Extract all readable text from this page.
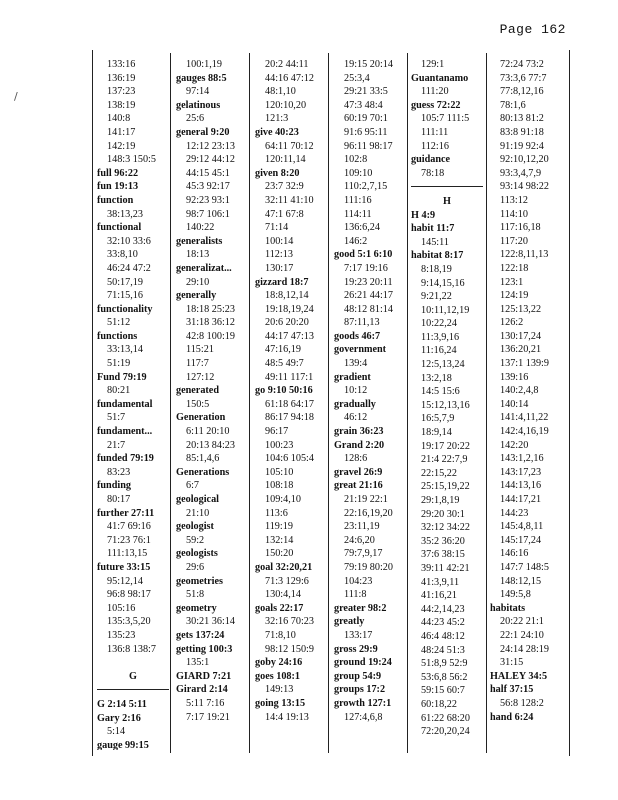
Page 162
/
133:16
136:19
137:23
138:19
140:8
141:17
142:19
148:3 150:5
full 96:22
fun 19:13
function
38:13,23
functional
32:10 33:6
33:8,10
46:24 47:2
50:17,19
71:15,16
functionality
51:12
functions
33:13,14
51:19
Fund 79:19
80:21
fundamental
51:7
fundament...
21:7
funded 79:19
83:23
funding
80:17
further 27:11
41:7 69:16
71:23 76:1
111:13,15
future 33:15
95:12,14
96:8 98:17
105:16
135:3,5,20
135:23
136:8 138:7
G
G 2:14 5:11
Gary 2:16
5:14
gauge 99:15
100:1,19
gauges 88:5
97:14
gelatinous
25:6
general 9:20
12:12 23:13
29:12 44:12
44:15 45:1
45:3 92:17
92:23 93:1
98:7 106:1
140:22
generalists
18:13
generalizat...
29:10
generally
18:18 25:23
31:18 36:12
42:8 100:19
115:21
117:7
127:12
generated
150:5
Generation
6:11 20:10
20:13 84:23
85:1,4,6
Generations
6:7
geological
21:10
geologist
59:2
geologists
29:6
geometries
51:8
geometry
30:21 36:14
gets 137:24
getting 100:3
135:1
GIARD 7:21
Girard 2:14
5:11 7:16
7:17 19:21
20:2 44:11
44:16 47:12
48:1,10
120:10,20
121:3
give 40:23
64:11 70:12
120:11,14
given 8:20
23:7 32:9
32:11 41:10
47:1 67:8
71:14
100:14
112:13
130:17
gizzard 18:7
18:8,12,14
19:18,19,24
20:6 20:20
44:17 47:13
47:16,19
48:5 49:7
49:11 117:1
go 9:10 50:16
61:18 64:17
86:17 94:18
96:17
100:23
104:6 105:4
105:10
108:18
109:4,10
113:6
119:19
132:14
150:20
goal 32:20,21
71:3 129:6
130:4,14
goals 22:17
32:16 70:23
71:8,10
98:12 150:9
goby 24:16
goes 108:1
149:13
going 13:15
14:4 19:13
19:15 20:14
25:3,4
29:21 33:5
47:3 48:4
60:19 70:1
91:6 95:11
96:11 98:17
102:8
109:10
110:2,7,15
111:16
114:11
136:6,24
146:2
good 5:1 6:10
7:17 19:16
19:23 20:11
26:21 44:17
48:12 81:14
87:11,13
goods 46:7
government
139:4
gradient
10:12
gradually
46:12
grain 36:23
Grand 2:20
128:6
gravel 26:9
great 21:16
21:19 22:1
22:16,19,20
23:11,19
24:6,20
79:7,9,17
79:19 80:20
104:23
111:8
greater 98:2
greatly
133:17
gross 29:9
ground 19:24
group 54:9
groups 17:2
growth 127:1
127:4,6,8
129:1
Guantanamo
111:20
guess 72:22
105:7 111:5
111:11
112:16
guidance
78:18
H
H 4:9
habit 11:7
145:11
habitat 8:17
8:18,19
9:14,15,16
9:21,22
10:11,12,19
10:22,24
11:3,9,16
11:16,24
12:5,13,24
13:2,18
14:5 15:6
15:12,13,16
16:5,7,9
18:9,14
19:17 20:22
21:4 22:7,9
22:15,22
25:15,19,22
29:1,8,19
29:20 30:1
32:12 34:22
35:2 36:20
37:6 38:15
39:11 42:21
41:3,9,11
41:16,21
44:2,14,23
44:23 45:2
46:4 48:12
48:24 51:3
51:8,9 52:9
53:6,8 56:2
59:15 60:7
60:18,22
61:22 68:20
72:20,20,24
72:24 73:2
73:3,6 77:7
77:8,12,16
78:1,6
80:13 81:2
83:8 91:18
91:19 92:4
92:10,12,20
93:3,4,7,9
93:14 98:22
113:12
114:10
117:16,18
117:20
122:8,11,13
122:18
123:1
124:19
125:13,22
126:2
130:17,24
136:20,21
137:1 139:9
139:16
140:2,4,8
140:14
141:4,11,22
142:4,16,19
142:20
143:1,2,16
143:17,23
144:13,16
144:17,21
144:23
145:4,8,11
145:17,24
146:16
147:7 148:5
148:12,15
149:5,8
habitats
20:22 21:1
22:1 24:10
24:14 28:19
31:15
HALEY 34:5
half 37:15
56:8 128:2
hand 6:24
